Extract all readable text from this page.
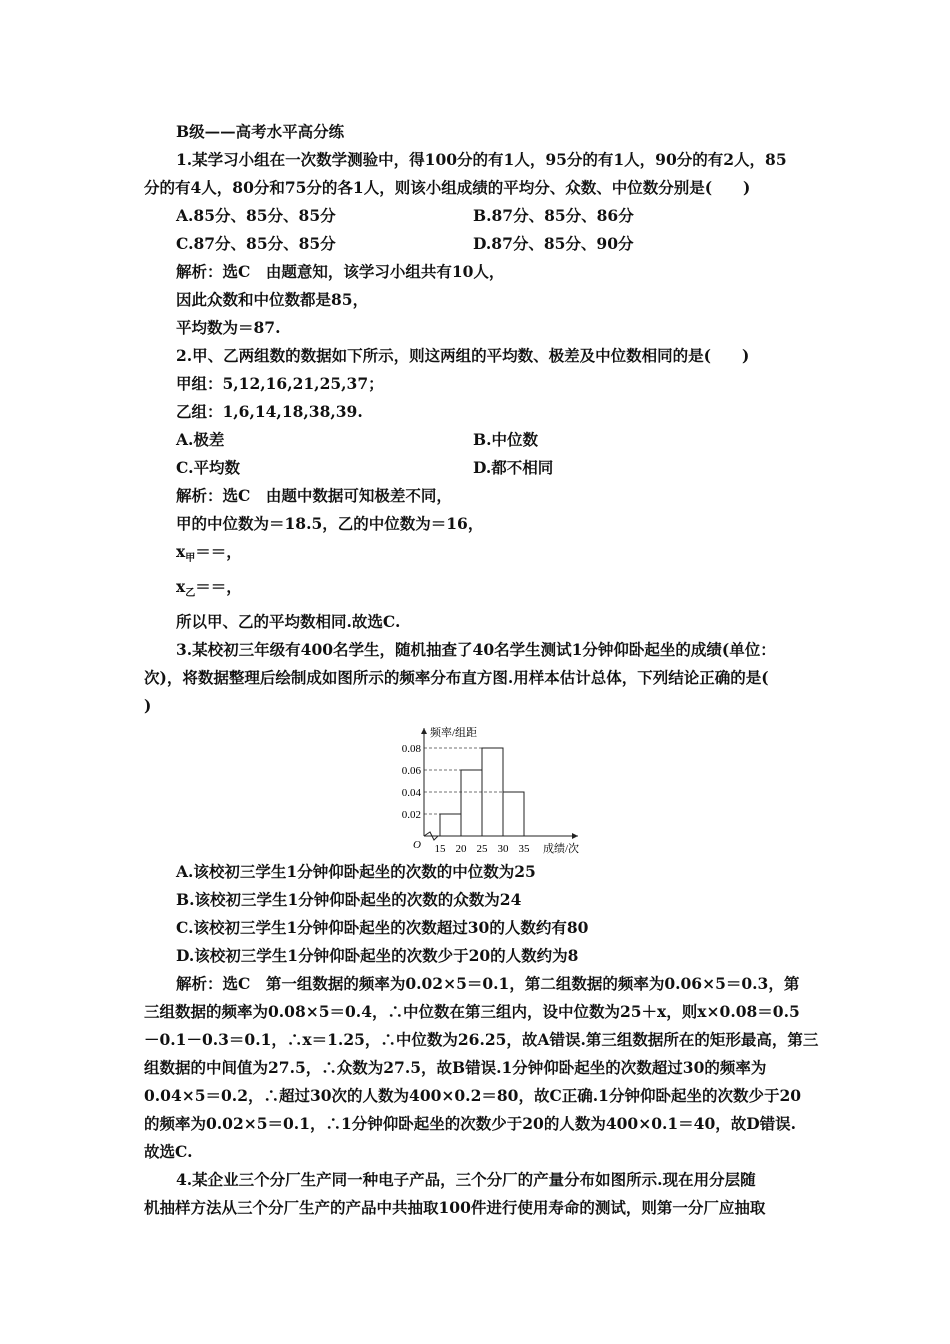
B级——高考水平高分练
1.某学习小组在一次数学测验中，得100分的有1人，95分的有1人，90分的有2人，85
分的有4人，80分和75分的各1人，则该小组成绩的平均分、众数、中位数分别是(　　)
A.85分、85分、85分	B.87分、85分、86分
C.87分、85分、85分	D.87分、85分、90分
解析：选C　由题意知，该学习小组共有10人，
因此众数和中位数都是85，
平均数为＝87.
2.甲、乙两组数的数据如下所示，则这两组的平均数、极差及中位数相同的是(　　)
甲组：5,12,16,21,25,37；
乙组：1,6,14,18,38,39.
A.极差	B.中位数
C.平均数	D.都不相同
解析：选C　由题中数据可知极差不同，
甲的中位数为＝18.5，乙的中位数为＝16，
$x_甲==$，
$x_乙==$，
所以甲、乙的平均数相同.故选C.
3.某校初三年级有400名学生，随机抽查了40名学生测试1分钟仰卧起坐的成绩(单位：
次)，将数据整理后绘制成如图所示的频率分布直方图.用样本估计总体，下列结论正确的是(
)
频率/组距
成绩/次
O 15 20 25 30 35
0.02
0.04
0.06
0.08
A.该校初三学生1分钟仰卧起坐的次数的中位数为25
B.该校初三学生1分钟仰卧起坐的次数的众数为24
C.该校初三学生1分钟仰卧起坐的次数超过30的人数约有80
D.该校初三学生1分钟仰卧起坐的次数少于20的人数约为8
解析：选C　第一组数据的频率为0.02×5＝0.1，第二组数据的频率为0.06×5＝0.3，第
三组数据的频率为0.08×5＝0.4，∴中位数在第三组内，设中位数为25＋x，则x×0.08＝0.5
－0.1－0.3＝0.1，∴x＝1.25，∴中位数为26.25，故A错误.第三组数据所在的矩形最高，第三
组数据的中间值为27.5，∴众数为27.5，故B错误.1分钟仰卧起坐的次数超过30的频率为
0.04×5＝0.2，∴超过30次的人数为400×0.2＝80，故C正确.1分钟仰卧起坐的次数少于20
的频率为0.02×5＝0.1，∴1分钟仰卧起坐的次数少于20的人数为400×0.1＝40，故D错误.
故选C.
4.某企业三个分厂生产同一种电子产品，三个分厂的产量分布如图所示.现在用分层随
机抽样方法从三个分厂生产的产品中共抽取100件进行使用寿命的测试，则第一分厂应抽取
